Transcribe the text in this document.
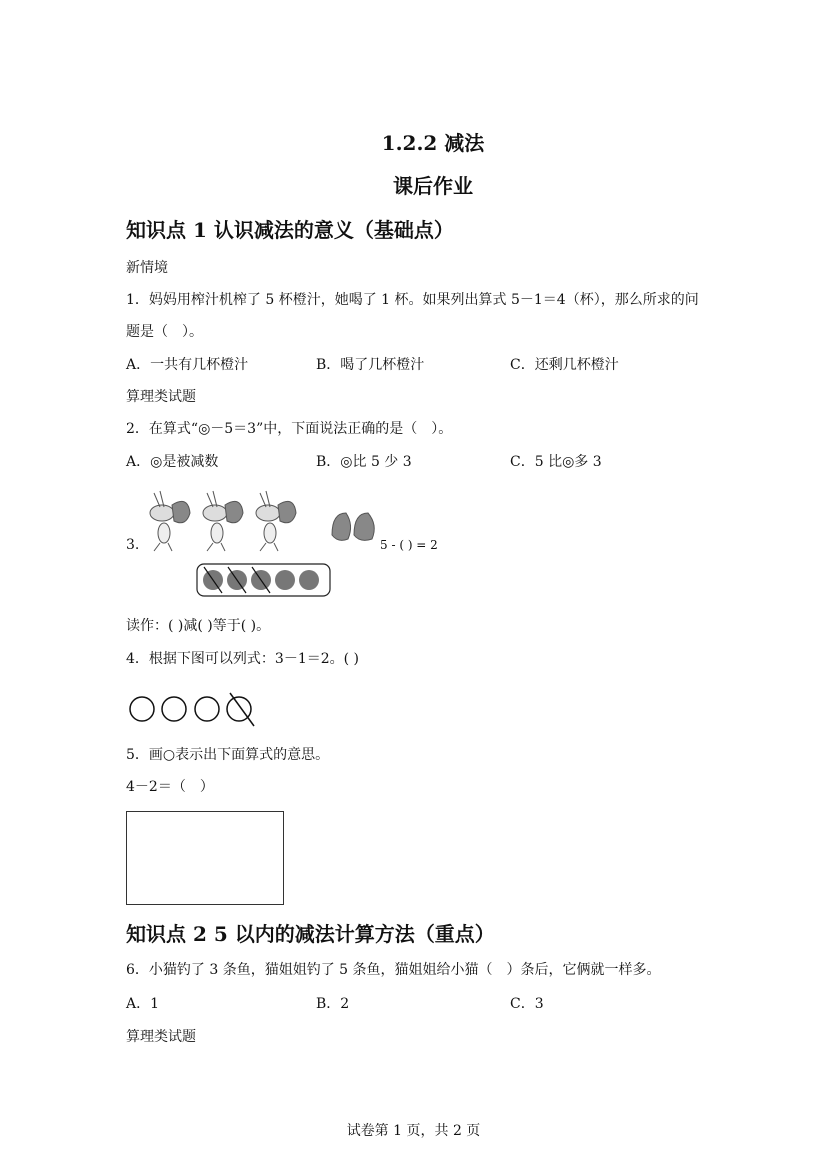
1.2.2 减法
课后作业
知识点 1 认识减法的意义（基础点）
新情境
1．妈妈用榨汁机榨了 5 杯橙汁，她喝了 1 杯。如果列出算式 5－1＝4（杯），那么所求的问
题是（　）。
A．一共有几杯橙汁	B．喝了几杯橙汁	C．还剩几杯橙汁
算理类试题
2．在算式“◎－5＝3”中，下面说法正确的是（　）。
A．◎是被减数	B．◎比 5 少 3	C．5 比◎多 3
3.	5 - ( ) = 2
读作：( )减( )等于( )。
4．根据下图可以列式：3－1＝2。( )
5．画○表示出下面算式的意思。
4－2＝（　）
知识点 2 5 以内的减法计算方法（重点）
6．小猫钓了 3 条鱼，猫姐姐钓了 5 条鱼，猫姐姐给小猫（　）条后，它俩就一样多。
A．1	B．2	C．3
算理类试题
试卷第 1 页，共 2 页
